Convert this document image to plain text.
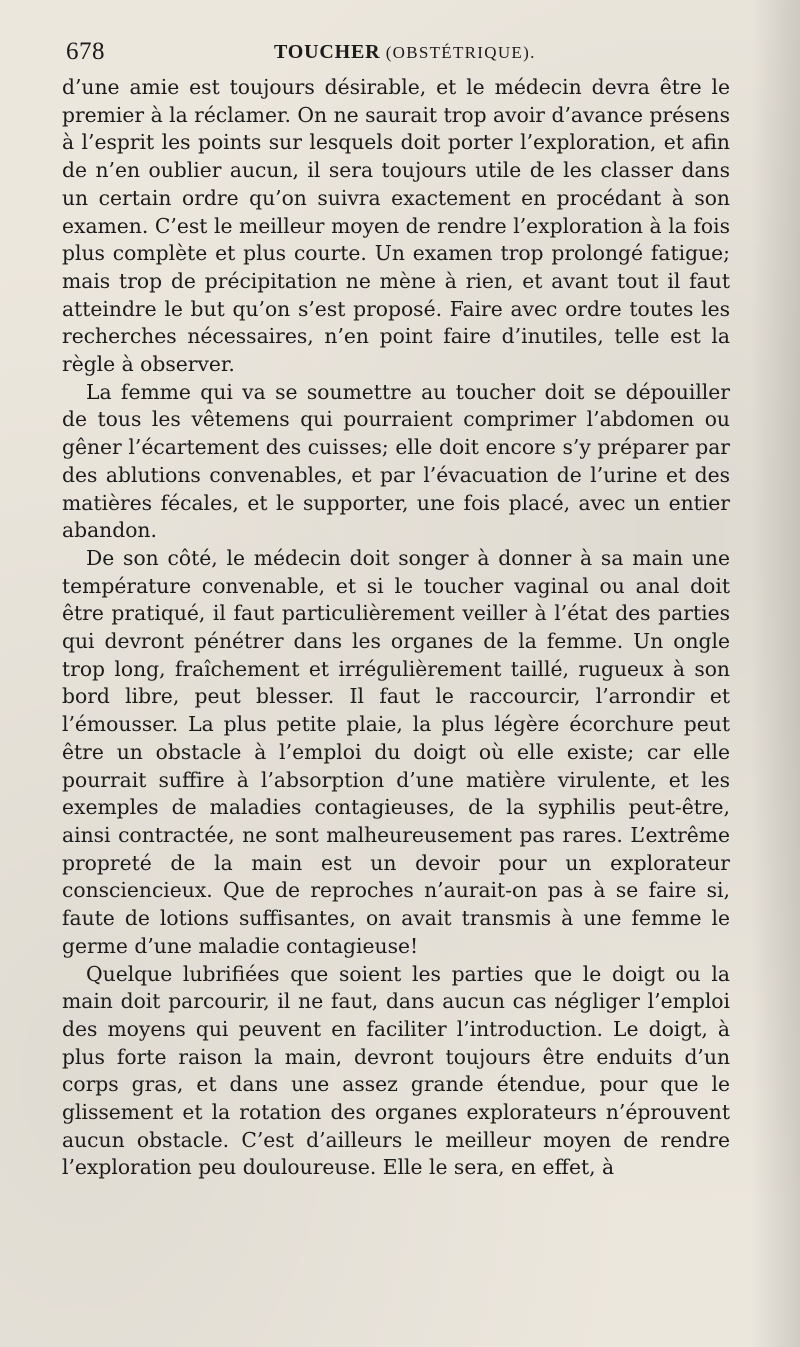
678	TOUCHER (OBSTÉTRIQUE).

d’une amie est toujours désirable, et le médecin devra être le premier à la réclamer. On ne saurait trop avoir d’avance présens à l’esprit les points sur lesquels doit porter l’exploration, et afin de n’en oublier aucun, il sera toujours utile de les classer dans un certain ordre qu’on suivra exactement en procédant à son examen. C’est le meilleur moyen de rendre l’exploration à la fois plus complète et plus courte. Un examen trop prolongé fatigue; mais trop de précipitation ne mène à rien, et avant tout il faut atteindre le but qu’on s’est proposé. Faire avec ordre toutes les recherches nécessaires, n’en point faire d’inutiles, telle est la règle à observer.

La femme qui va se soumettre au toucher doit se dépouiller de tous les vêtemens qui pourraient comprimer l’abdomen ou gêner l’écartement des cuisses; elle doit encore s’y préparer par des ablutions convenables, et par l’évacuation de l’urine et des matières fécales, et le supporter, une fois placé, avec un entier abandon.

De son côté, le médecin doit songer à donner à sa main une température convenable, et si le toucher vaginal ou anal doit être pratiqué, il faut particulièrement veiller à l’état des parties qui devront pénétrer dans les organes de la femme. Un ongle trop long, fraîchement et irrégulièrement taillé, rugueux à son bord libre, peut blesser. Il faut le raccourcir, l’arrondir et l’émousser. La plus petite plaie, la plus légère écorchure peut être un obstacle à l’emploi du doigt où elle existe; car elle pourrait suffire à l’absorption d’une matière virulente, et les exemples de maladies contagieuses, de la syphilis peut-être, ainsi contractée, ne sont malheureusement pas rares. L’extrême propreté de la main est un devoir pour un explorateur consciencieux. Que de reproches n’aurait-on pas à se faire si, faute de lotions suffisantes, on avait transmis à une femme le germe d’une maladie contagieuse!

Quelque lubrifiées que soient les parties que le doigt ou la main doit parcourir, il ne faut, dans aucun cas négliger l’emploi des moyens qui peuvent en faciliter l’introduction. Le doigt, à plus forte raison la main, devront toujours être enduits d’un corps gras, et dans une assez grande étendue, pour que le glissement et la rotation des organes explorateurs n’éprouvent aucun obstacle. C’est d’ailleurs le meilleur moyen de rendre l’exploration peu douloureuse. Elle le sera, en effet, à
